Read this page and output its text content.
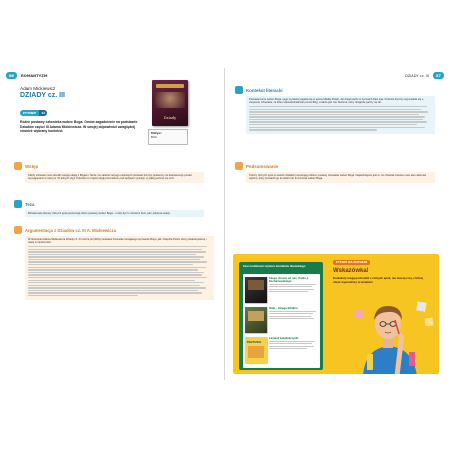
86	ROMANTYZM
Adam Mickiewicz
DZIADY cz. III
Dziady
PYTANIE	12
Różne postawy człowieka wobec Boga. Omów zagadnienie na podstawie Dziadów części III Adama Mickiewicza. W swojej odpowiedzi uwzględnij również wybrany kontekst.
Motyw:
BÓG
Wstęp
Każdy człowiek musi określić swoją relację z Bogiem. Może mu zależeć od jego osobistych postawić lub być posłuszny za kwintesencję ponad wymaganiami w naszym. W których idyjż. Pokrótce to często uległ przemianom pod wpływem sytuacji, w jakiej jeszcze nie Jezr.
Teza
Bohaterowie literacy różnych epok prezentują różne postawy wobec Boga – może być to zarówno bunt, jak i pokorna relacji.
Argumentacja z Dziadów cz. III A. Mickiewicza
W dramacie Adama Mickiewicza Dziady cz. III można przybliżyć postawie Konrada rzucającego wyzwanie Bogu, jak i Księdza Piotra, który pokazał pokorę i wiarę w Opatrzność.
DZIADY cz. III	87
Kontekst literacki
Postawa buntu wobec Boga i jego wyroków pojawia się w epoce Młodej Polski. Jan Kasprowicz w hymnach Dies irae. Podmiot liryczny wypowiada się o cierpieniu człowieka, za które odpowiedzialność ponosi Bóg, a także jest nim Stwórca, który obojętnie patrzy na zło.
Podsumowanie
Twórcy różnych epok w swoich dziełach poruszają problem postawy człowieka wobec Boga. Najważniejsze jest to, że człowiek zawsze musi sam dokonać wyboru, który prowadzi go ku dobru lub ku buntowi wobec Boga.
Inne możliwości wyboru kontekstu literackiego
Czego chcesz od nas, Panie J. Kochanowskiego
Hiob – księga biblijna
MATURA
Lament świętokrzyski
PYTANY NA MATURZE
Wskazówka!
Konteksty mogą pochodzić z różnych epok, nie muszą z tej, z której utwór wywodzimy w tematzie!
